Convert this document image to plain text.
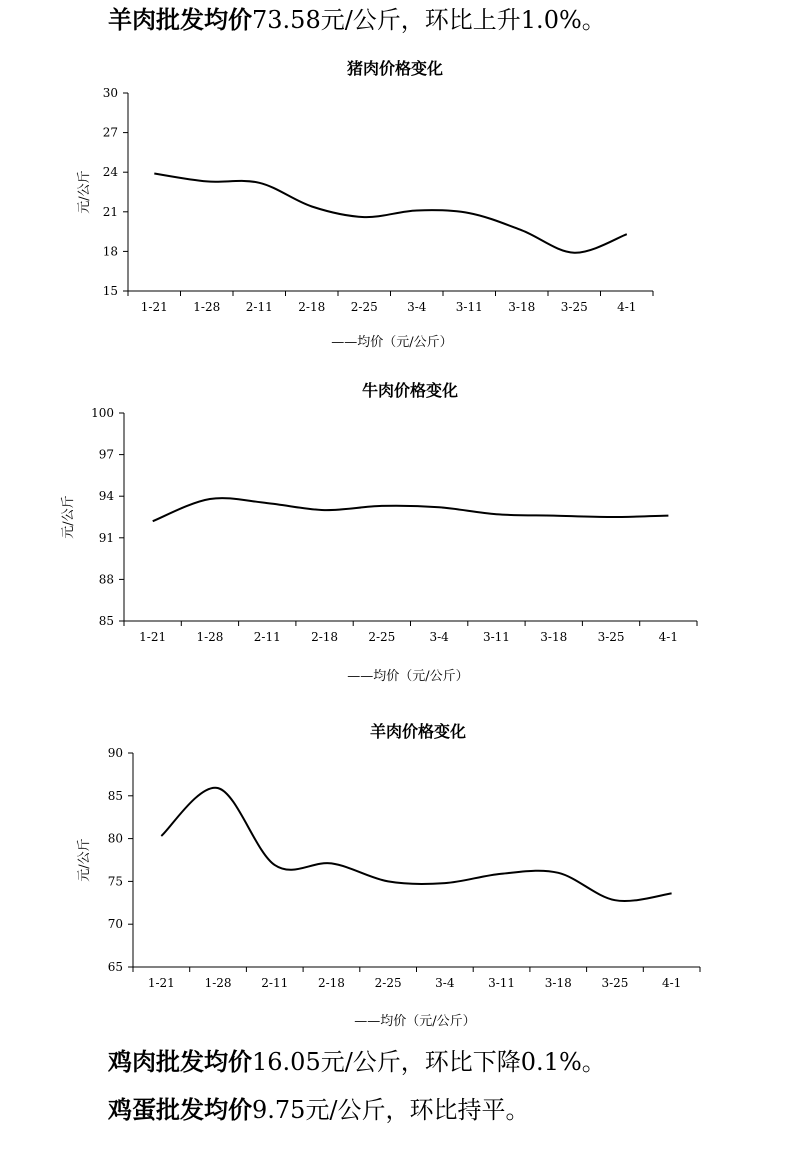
羊肉批发均价73.58元/公斤，环比上升1.0%。
猪肉价格变化
15
18
21
24
27
30
1-21 1-28 2-11 2-18 2-25 3-4 3-11 3-18 3-25 4-1
元/公斤
——均价（元/公斤）
牛肉价格变化
85
88
91
94
97
100
1-21	1-28	2-11	2-18	2-25	3-4	3-11	3-18	3-25	4-1
元/公斤
——均价（元/公斤）
羊肉价格变化
65
70
75
80
85
90
1-21 1-28 2-11 2-18 2-25	3-4	3-11 3-18 3-25	4-1
元/公斤
——均价（元/公斤）
鸡肉批发均价16.05元/公斤，环比下降0.1%。
鸡蛋批发均价9.75元/公斤，环比持平。
